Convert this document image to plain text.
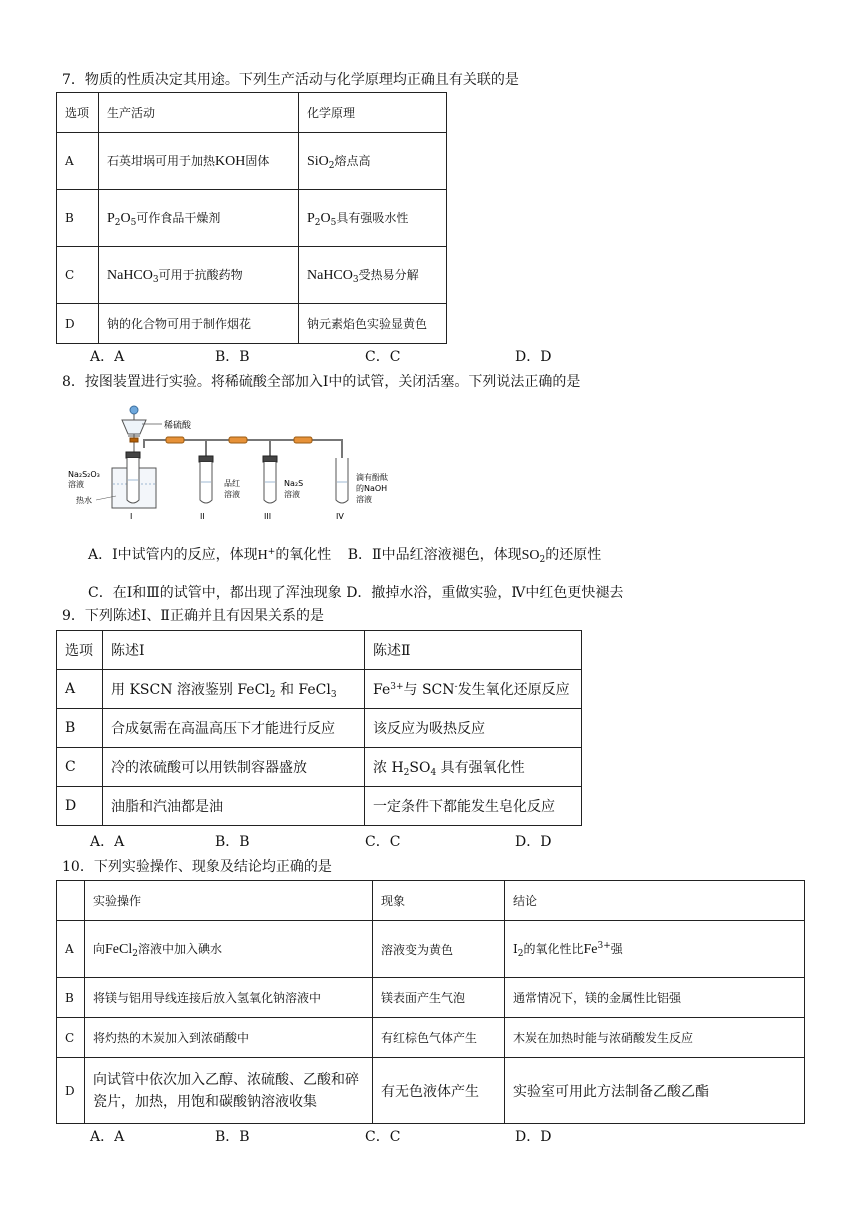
7．物质的性质决定其用途。下列生产活动与化学原理均正确且有关联的是
选项	生产活动	化学原理
A	石英坩埚可用于加热KOH固体	SiO$_2$熔点高
B	$P_2O_5$可作食品干燥剂	$P_2O_5$具有强吸水性
C	NaHCO$_3$可用于抗酸药物	NaHCO$_3$受热易分解
D	钠的化合物可用于制作烟花	钠元素焰色实验显黄色
A．A	B．B	C．C	D．D
8．按图装置进行实验。将稀硫酸全部加入Ⅰ中的试管，关闭活塞。下列说法正确的是
稀硫酸
Na₂S₂O₃
溶液
热水
I
品红
溶液
II
Na₂S
溶液
III
滴有酚酞
的NaOH
溶液
IV
A．Ⅰ中试管内的反应，体现H+的氧化性 B．Ⅱ中品红溶液褪色，体现$SO_2$的还原性
C．在Ⅰ和Ⅲ的试管中，都出现了浑浊现象 D．撤掉水浴，重做实验，Ⅳ中红色更快褪去
9．下列陈述Ⅰ、Ⅱ正确并且有因果关系的是
选项	陈述Ⅰ	陈述Ⅱ
A	用 KSCN 溶液鉴别 FeCl$_2$ 和 FeCl$_3$	$Fe^{3+}$与 SCN-发生氧化还原反应
B	合成氨需在高温高压下才能进行反应	该反应为吸热反应
C	冷的浓硫酸可以用铁制容器盛放	浓 $H_2SO_4$ 具有强氧化性
D	油脂和汽油都是油	一定条件下都能发生皂化反应
A．A	B．B	C．C	D．D
10．下列实验操作、现象及结论均正确的是
	实验操作	现象	结论
A	向FeCl$_2$溶液中加入碘水	溶液变为黄色	$I_2$的氧化性比$Fe^{3+}$强
B	将镁与铝用导线连接后放入氢氧化钠溶液中	镁表面产生气泡	通常情况下，镁的金属性比铝强
C	将灼热的木炭加入到浓硝酸中	有红棕色气体产生	木炭在加热时能与浓硝酸发生反应
D	向试管中依次加入乙醇、浓硫酸、乙酸和碎瓷片，加热，用饱和碳酸钠溶液收集	有无色液体产生	实验室可用此方法制备乙酸乙酯
A．A	B．B	C．C	D．D
